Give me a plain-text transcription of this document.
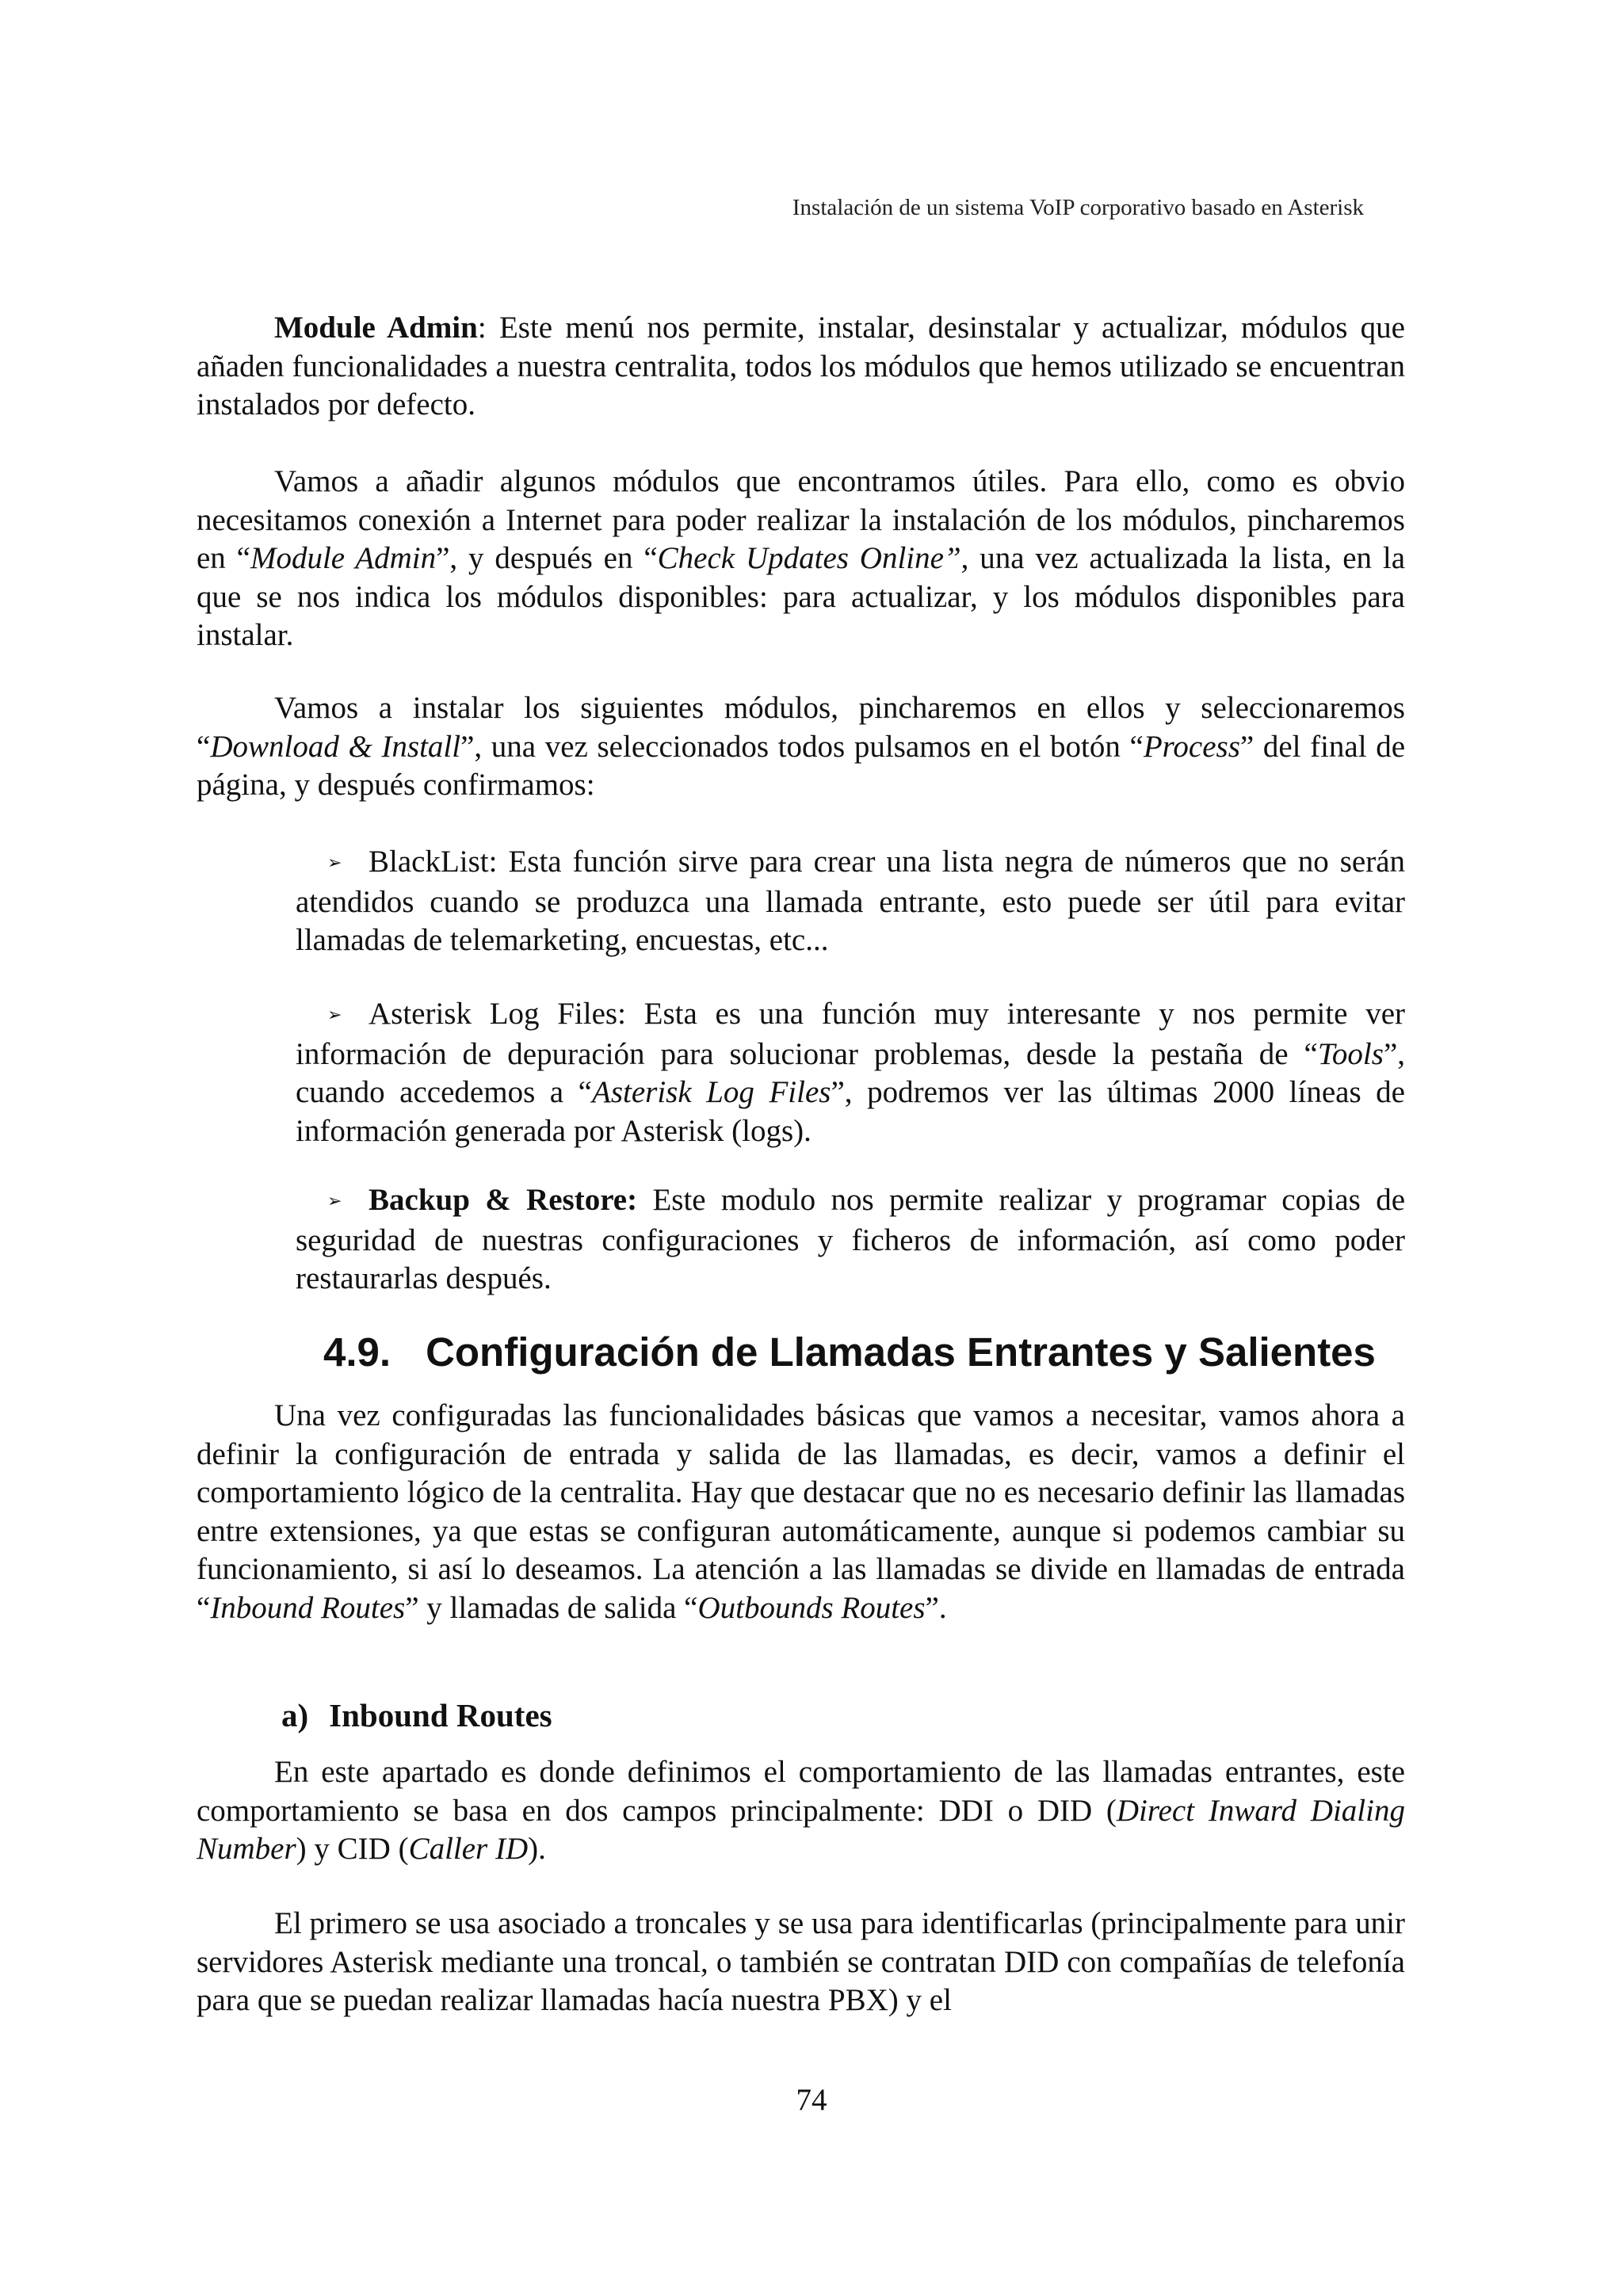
Instalación de un sistema VoIP corporativo basado en Asterisk
Module Admin: Este menú nos permite, instalar, desinstalar y actualizar, módulos que añaden funcionalidades a nuestra centralita, todos los módulos que hemos utilizado se encuentran instalados por defecto.
Vamos a añadir algunos módulos que encontramos útiles. Para ello, como es obvio necesitamos conexión a Internet para poder realizar la instalación de los módulos, pincharemos en “Module Admin”, y después en “Check Updates Online”, una vez actualizada la lista, en la que se nos indica los módulos disponibles: para actualizar, y los módulos disponibles para instalar.
Vamos a instalar los siguientes módulos, pincharemos en ellos y seleccionaremos “Download & Install”, una vez seleccionados todos pulsamos en el botón “Process” del final de página, y después confirmamos:
➢ BlackList: Esta función sirve para crear una lista negra de números que no serán atendidos cuando se produzca una llamada entrante, esto puede ser útil para evitar llamadas de telemarketing, encuestas, etc...
➢ Asterisk Log Files: Esta es una función muy interesante y nos permite ver información de depuración para solucionar problemas, desde la pestaña de “Tools”, cuando accedemos a “Asterisk Log Files”, podremos ver las últimas 2000 líneas de información generada por Asterisk (logs).
➢ Backup & Restore: Este modulo nos permite realizar y programar copias de seguridad de nuestras configuraciones y ficheros de información, así como poder restaurarlas después.
4.9. Configuración de Llamadas Entrantes y Salientes
Una vez configuradas las funcionalidades básicas que vamos a necesitar, vamos ahora a definir la configuración de entrada y salida de las llamadas, es decir, vamos a definir el comportamiento lógico de la centralita. Hay que destacar que no es necesario definir las llamadas entre extensiones, ya que estas se configuran automáticamente, aunque si podemos cambiar su funcionamiento, si así lo deseamos. La atención a las llamadas se divide en llamadas de entrada “Inbound Routes” y llamadas de salida “Outbounds Routes”.
a) Inbound Routes
En este apartado es donde definimos el comportamiento de las llamadas entrantes, este comportamiento se basa en dos campos principalmente: DDI o DID (Direct Inward Dialing Number) y CID (Caller ID).
El primero se usa asociado a troncales y se usa para identificarlas (principalmente para unir servidores Asterisk mediante una troncal, o también se contratan DID con compañías de telefonía para que se puedan realizar llamadas hacía nuestra PBX) y el
74
